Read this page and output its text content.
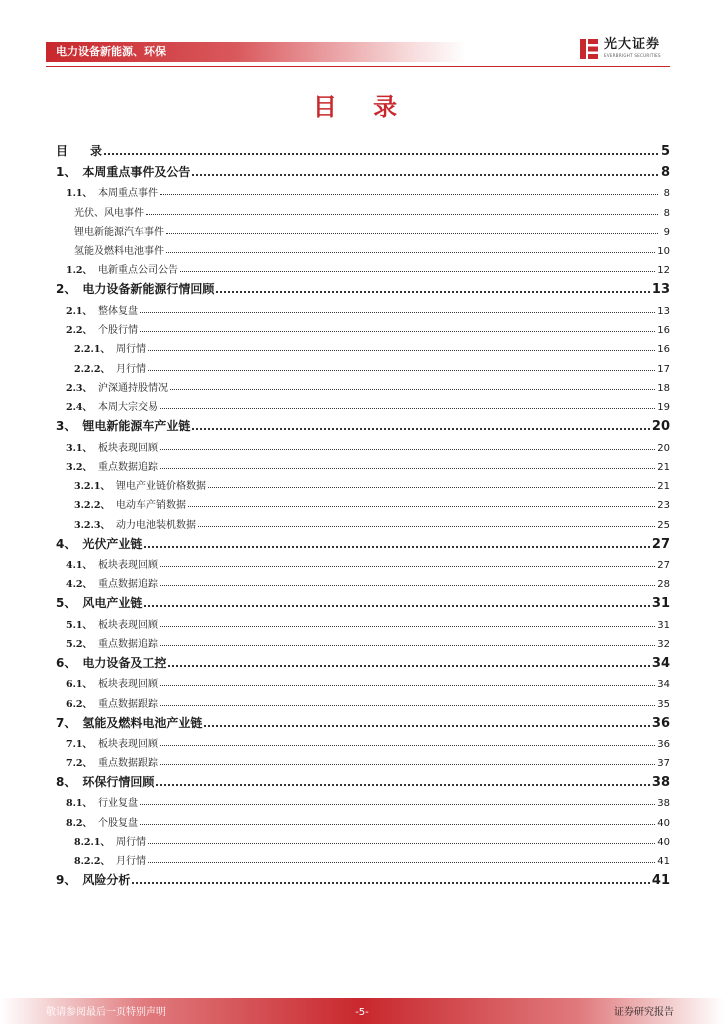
电力设备新能源、环保	光大证券
EVERBRIGHT SECURITIES
目 录
目 录	5
1、 本周重点事件及公告	8
1.1、 本周重点事件	8
光伏、风电事件	8
锂电新能源汽车事件	9
氢能及燃料电池事件	10
1.2、 电新重点公司公告	12
2、 电力设备新能源行情回顾	13
2.1、 整体复盘	13
2.2、 个股行情	16
2.2.1、 周行情	16
2.2.2、 月行情	17
2.3、 沪深通持股情况	18
2.4、 本周大宗交易	19
3、 锂电新能源车产业链	20
3.1、 板块表现回顾	20
3.2、 重点数据追踪	21
3.2.1、 锂电产业链价格数据	21
3.2.2、 电动车产销数据	23
3.2.3、 动力电池装机数据	25
4、 光伏产业链	27
4.1、 板块表现回顾	27
4.2、 重点数据追踪	28
5、 风电产业链	31
5.1、 板块表现回顾	31
5.2、 重点数据追踪	32
6、 电力设备及工控	34
6.1、 板块表现回顾	34
6.2、 重点数据跟踪	35
7、 氢能及燃料电池产业链	36
7.1、 板块表现回顾	36
7.2、 重点数据跟踪	37
8、 环保行情回顾	38
8.1、 行业复盘	38
8.2、 个股复盘	40
8.2.1、 周行情	40
8.2.2、 月行情	41
9、 风险分析	41
敬请参阅最后一页特别声明	-5-	证券研究报告
